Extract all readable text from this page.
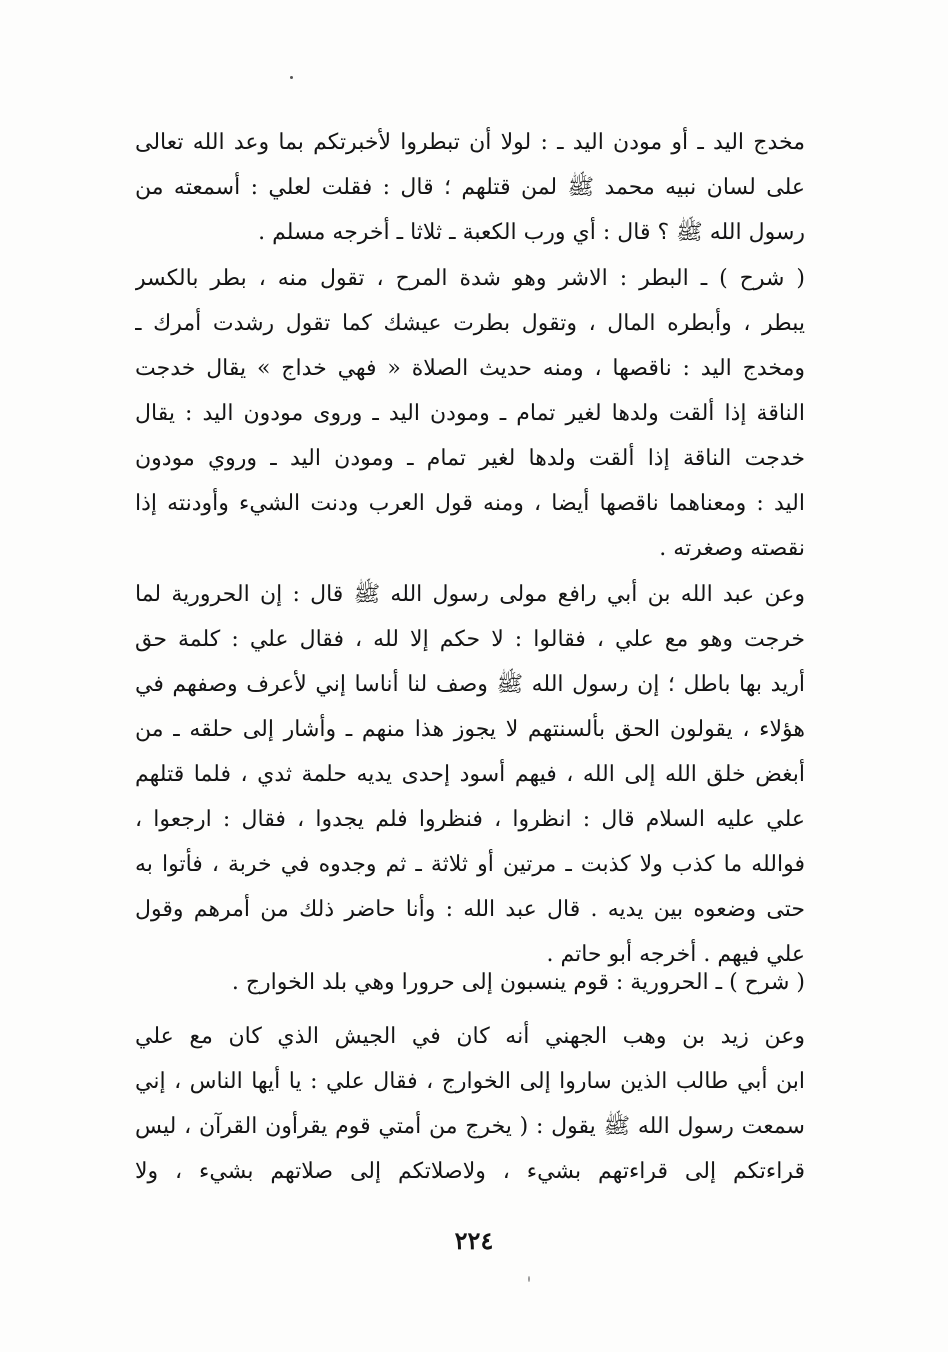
مخدج اليد ـ أو مودن اليد ـ : لولا أن تبطروا لأخبرتكم بما وعد الله تعالى
على لسان نبيه محمد ﷺ لمن قتلهم ؛ قال : فقلت لعلي : أسمعته من
رسول الله ﷺ ؟ قال : أي ورب الكعبة ـ ثلاثا ـ أخرجه مسلم .
( شرح ) ـ البطر : الاشر وهو شدة المرح ، تقول منه ، بطر بالكسر
يبطر ، وأبطره المال ، وتقول بطرت عيشك كما تقول رشدت أمرك ـ
ومخدج اليد : ناقصها ، ومنه حديث الصلاة « فهي خداج » يقال خدجت
الناقة إذا ألقت ولدها لغير تمام ـ ومودن اليد ـ وروى مودون اليد : يقال
خدجت الناقة إذا ألقت ولدها لغير تمام ـ ومودن اليد ـ وروي مودون
اليد : ومعناهما ناقصها أيضا ، ومنه قول العرب ودنت الشيء وأودنته إذا
نقصته وصغرته .
وعن عبد الله بن أبي رافع مولى رسول الله ﷺ قال : إن الحرورية لما
خرجت وهو مع علي ، فقالوا : لا حكم إلا لله ، فقال علي : كلمة حق
أريد بها باطل ؛ إن رسول الله ﷺ وصف لنا أناسا إني لأعرف وصفهم في
هؤلاء ، يقولون الحق بألسنتهم لا يجوز هذا منهم ـ وأشار إلى حلقه ـ من
أبغض خلق الله إلى الله ، فيهم أسود إحدى يديه حلمة ثدي ، فلما قتلهم
علي عليه السلام قال : انظروا ، فنظروا فلم يجدوا ، فقال : ارجعوا ،
فوالله ما كذب ولا كذبت ـ مرتين أو ثلاثة ـ ثم وجدوه في خربة ، فأتوا به
حتى وضعوه بين يديه . قال عبد الله : وأنا حاضر ذلك من أمرهم وقول
علي فيهم . أخرجه أبو حاتم .
( شرح ) ـ الحرورية : قوم ينسبون إلى حرورا وهي بلد الخوارج .
وعن زيد بن وهب الجهني أنه كان في الجيش الذي كان مع علي
ابن أبي طالب الذين ساروا إلى الخوارج ، فقال علي : يا أيها الناس ، إني
سمعت رسول الله ﷺ يقول : ( يخرج من أمتي قوم يقرأون القرآن ، ليس
قراءتكم إلى قراءتهم بشيء ، ولاصلاتكم إلى صلاتهم بشيء ، ولا
٢٢٤
